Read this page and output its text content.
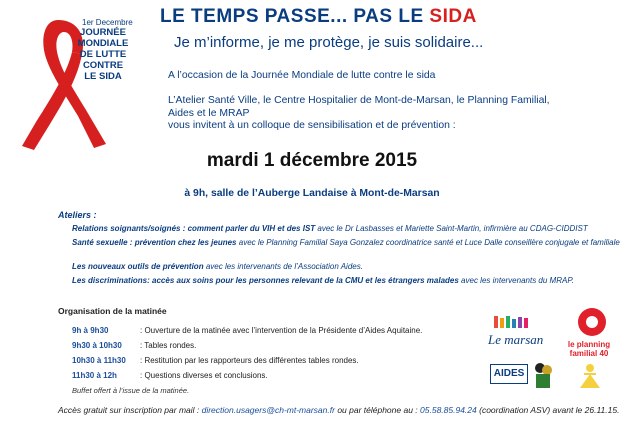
1er Decembre
JOURNÉE
MONDIALE
DE LUTTE
CONTRE
LE SIDA
LE TEMPS PASSE... PAS LE SIDA
Je m’informe, je me protège, je suis solidaire...
A l’occasion de la Journée Mondiale de lutte contre le sida
L’Atelier Santé Ville, le Centre Hospitalier de Mont-de-Marsan, le Planning Familial,
Aides et le MRAP
vous invitent à un colloque de sensibilisation et de prévention :
mardi 1 décembre 2015
à 9h, salle de l’Auberge Landaise à Mont-de-Marsan
Ateliers :
Relations soignants/soignés : comment parler du VIH et des IST avec le Dr Lasbasses et Mariette Saint-Martin, infirmière au CDAG-CIDDIST
Santé sexuelle : prévention chez les jeunes avec le Planning Familial Saya Gonzalez coordinatrice santé et Luce Dalle conseillère conjugale et familiale
Les nouveaux outils de prévention avec les intervenants de l’Association Aides.
Les discriminations: accès aux soins pour les personnes relevant de la CMU et les étrangers malades avec les intervenants du MRAP.
Organisation de la matinée
9h à 9h30	: Ouverture de la matinée avec l’intervention de la Présidente d’Aides Aquitaine.
9h30 à 10h30 : Tables rondes.
10h30 à 11h30 : Restitution par les rapporteurs des différentes tables rondes.
11h30 à 12h	: Questions diverses et conclusions.
Buffet offert à l’issue de la matinée.
Accès gratuit sur inscription par mail : direction.usagers@ch-mt-marsan.fr ou par téléphone au : 05.58.85.94.24 (coordination ASV) avant le 26.11.15.
Le marsan	le planning familial 40
AIDES
